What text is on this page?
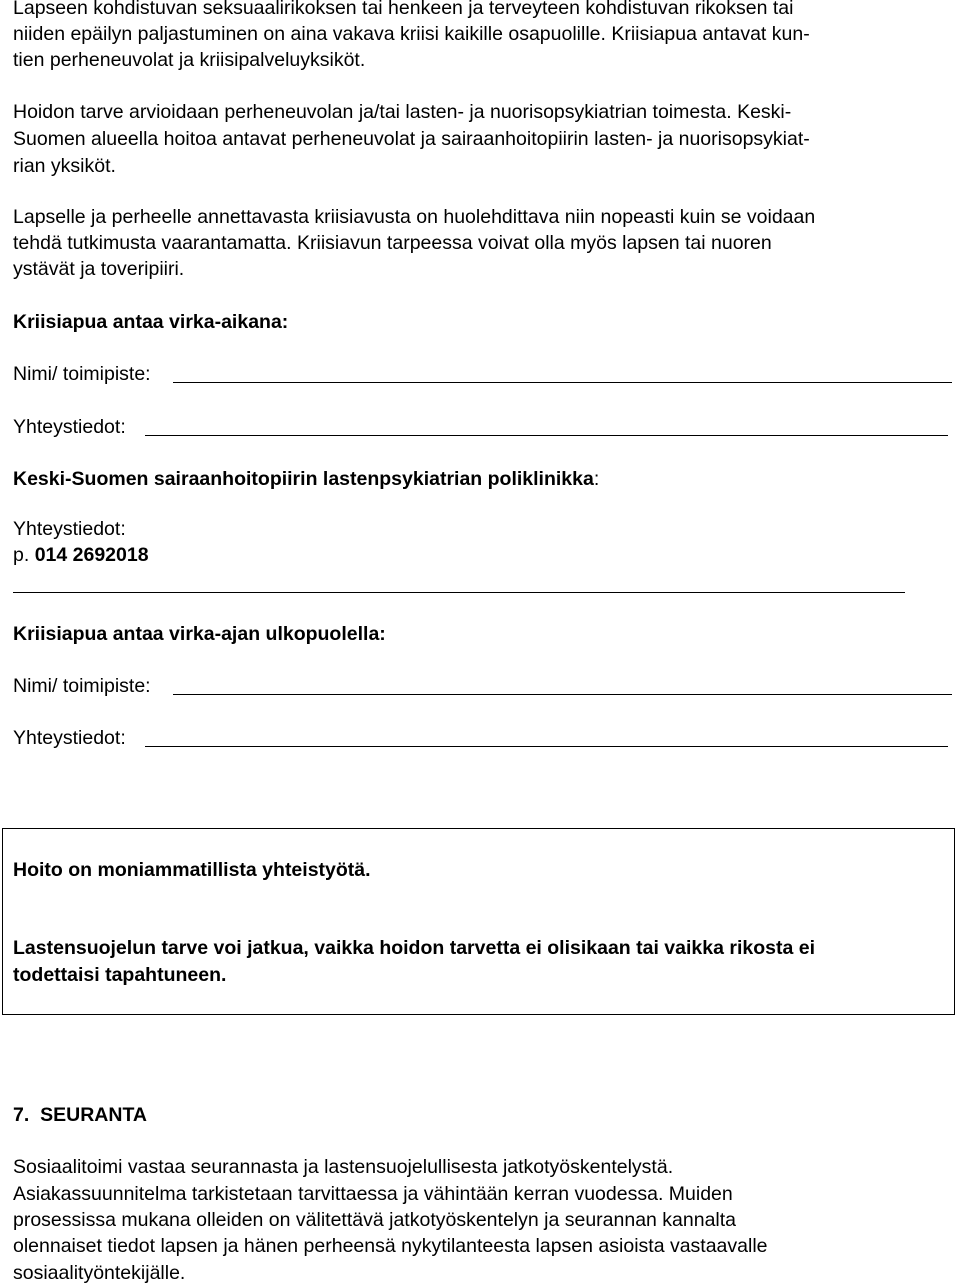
Lapseen kohdistuvan seksuaalirikoksen tai henkeen ja terveyteen kohdistuvan rikoksen tai
niiden epäilyn paljastuminen on aina vakava kriisi kaikille osapuolille. Kriisiapua antavat kun-
tien perheneuvolat ja kriisipalveluyksiköt.
Hoidon tarve arvioidaan perheneuvolan ja/tai lasten- ja nuorisopsykiatrian toimesta. Keski-
Suomen alueella hoitoa antavat perheneuvolat ja sairaanhoitopiirin lasten- ja nuorisopsykiat-
rian yksiköt.
Lapselle ja perheelle annettavasta kriisiavusta on huolehdittava niin nopeasti kuin se voidaan
tehdä tutkimusta vaarantamatta. Kriisiavun tarpeessa voivat olla myös lapsen tai nuoren
ystävät ja toveripiiri.
Kriisiapua antaa virka-aikana:
Nimi/ toimipiste:
Yhteystiedot:
Keski-Suomen sairaanhoitopiirin lastenpsykiatrian poliklinikka:
Yhteystiedot:
p. 014 2692018
Kriisiapua antaa virka-ajan ulkopuolella:
Nimi/ toimipiste:
Yhteystiedot:
Hoito on moniammatillista yhteistyötä.
Lastensuojelun tarve voi jatkua, vaikka hoidon tarvetta ei olisikaan tai vaikka rikosta ei
todettaisi tapahtuneen.
7.  SEURANTA
Sosiaalitoimi vastaa seurannasta ja lastensuojelullisesta jatkotyöskentelystä.
Asiakassuunnitelma tarkistetaan tarvittaessa ja vähintään kerran vuodessa. Muiden
prosessissa mukana olleiden on välitettävä jatkotyöskentelyn ja seurannan kannalta
olennaiset tiedot lapsen ja hänen perheensä nykytilanteesta lapsen asioista vastaavalle
sosiaalityöntekijälle.
